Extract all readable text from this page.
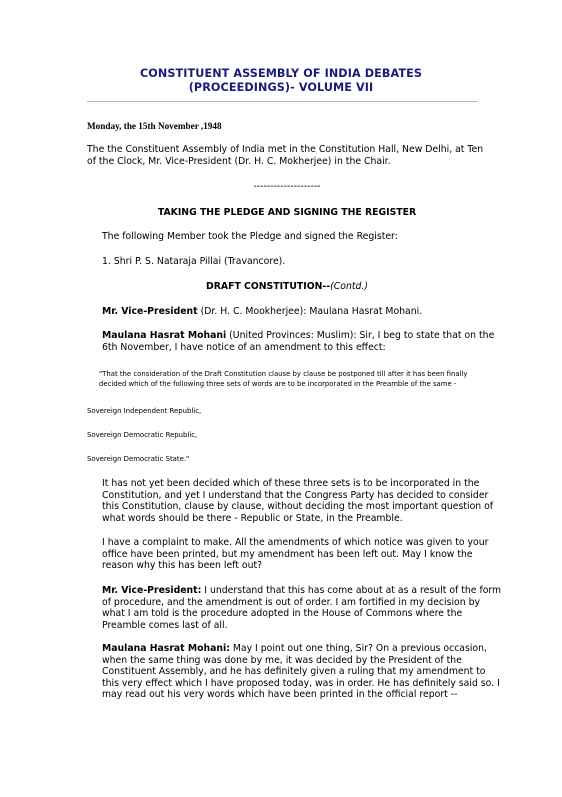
CONSTITUENT ASSEMBLY OF INDIA DEBATES
(PROCEEDINGS)- VOLUME VII
Monday, the 15th November ,1948

The the Constituent Assembly of India met in the Constitution Hall, New Delhi, at Ten of the Clock, Mr. Vice-President (Dr. H. C. Mokherjee) in the Chair.

--------------------

TAKING THE PLEDGE AND SIGNING THE REGISTER

The following Member took the Pledge and signed the Register:

1. Shri P. S. Nataraja Pillai (Travancore).

DRAFT CONSTITUTION--(Contd.)

Mr. Vice-President (Dr. H. C. Mookherjee): Maulana Hasrat Mohani.

Maulana Hasrat Mohani (United Provinces: Muslim): Sir, I beg to state that on the 6th November, I have notice of an amendment to this effect:

"That the consideration of the Draft Constitution clause by clause be postponed till after it has been finally decided which of the following three sets of words are to be incorporated in the Preamble of the same -

Sovereign Independent Republic,

Sovereign Democratic Republic,

Sovereign Democratic State."

It has not yet been decided which of these three sets is to be incorporated in the Constitution, and yet I understand that the Congress Party has decided to consider this Constitution, clause by clause, without deciding the most important question of what words should be there - Republic or State, in the Preamble.

I have a complaint to make. All the amendments of which notice was given to your office have been printed, but my amendment has been left out. May I know the reason why this has been left out?

Mr. Vice-President: I understand that this has come about at as a result of the form of procedure, and the amendment is out of order. I am fortified in my decision by what I am told is the procedure adopted in the House of Commons where the Preamble comes last of all.

Maulana Hasrat Mohani: May I point out one thing, Sir? On a previous occasion, when the same thing was done by me, it was decided by the President of the Constituent Assembly, and he has definitely given a ruling that my amendment to this very effect which I have proposed today, was in order. He has definitely said so. I may read out his very words which have been printed in the official report --
